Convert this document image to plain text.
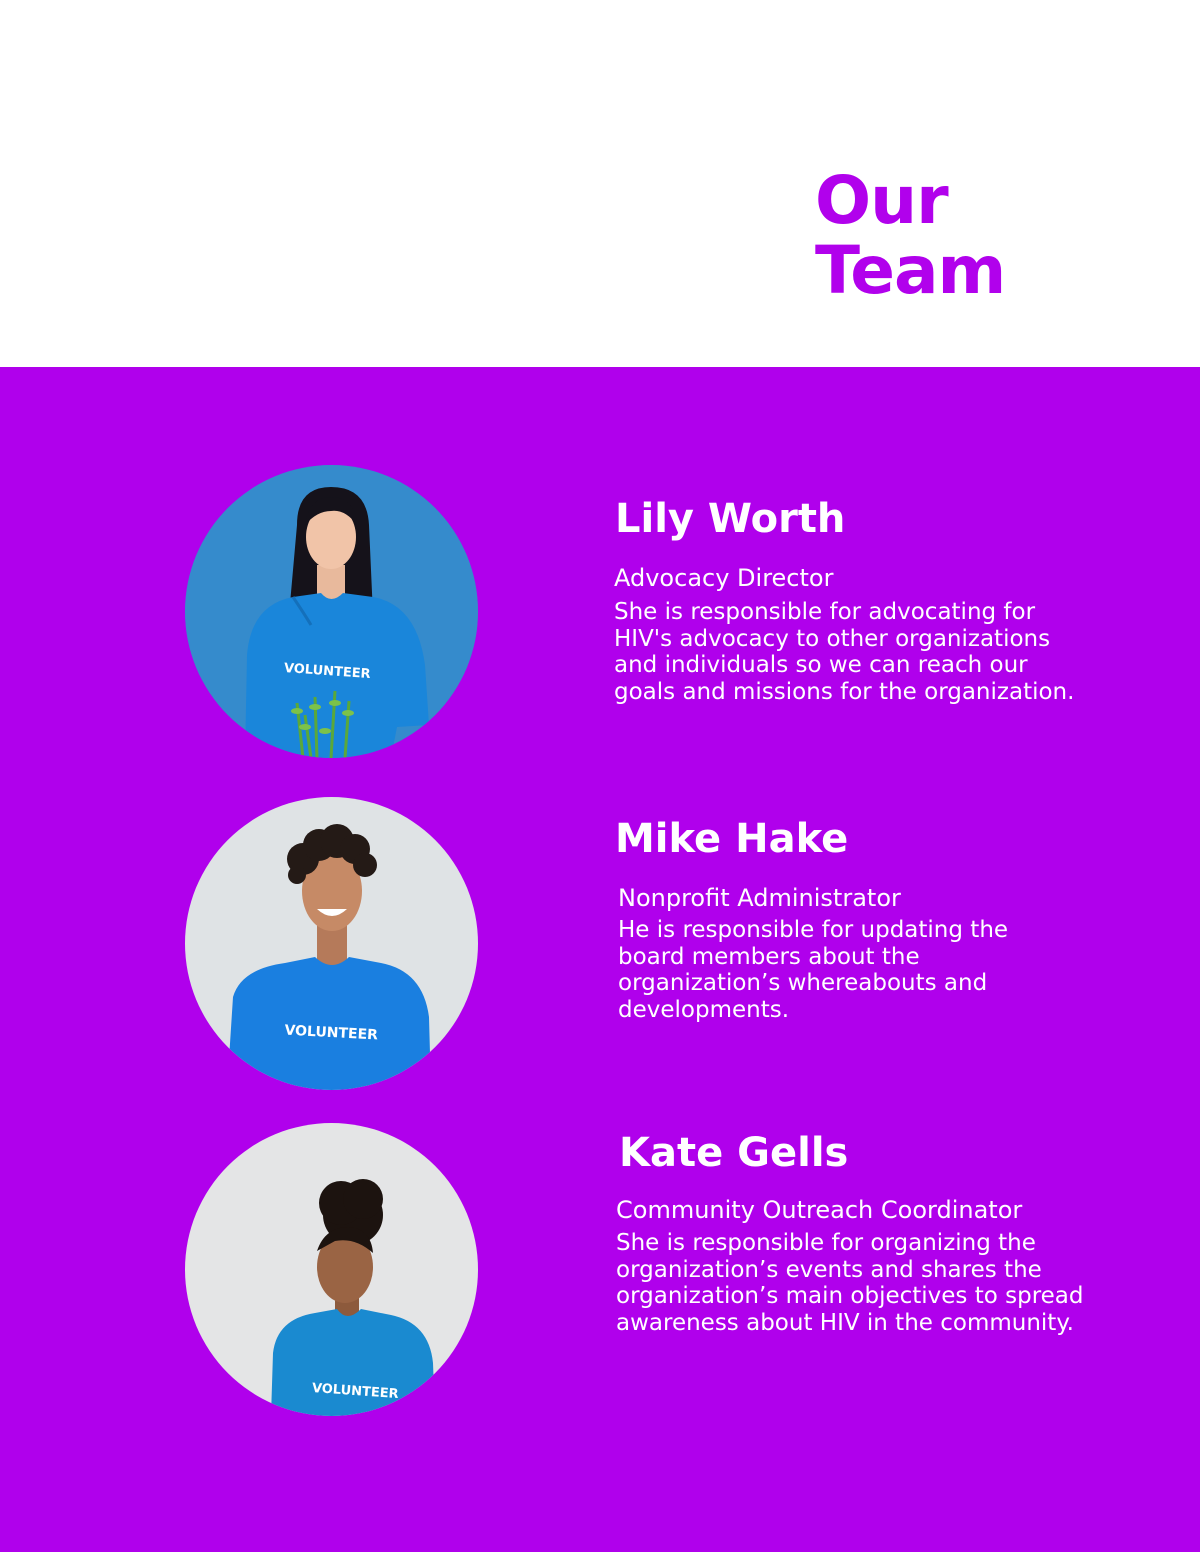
Our
Team
VOLUNTEER
Lily Worth

Advocacy Director

She is responsible for advocating for HIV's advocacy to other organizations and individuals so we can reach our goals and missions for the organization.

VOLUNTEER
Mike Hake

Nonprofit Administrator

He is responsible for updating the board members about the organization’s whereabouts and developments.

VOLUNTEER
Kate Gells

Community Outreach Coordinator

She is responsible for organizing the organization’s events and shares the organization’s main objectives to spread awareness about HIV in the community.
